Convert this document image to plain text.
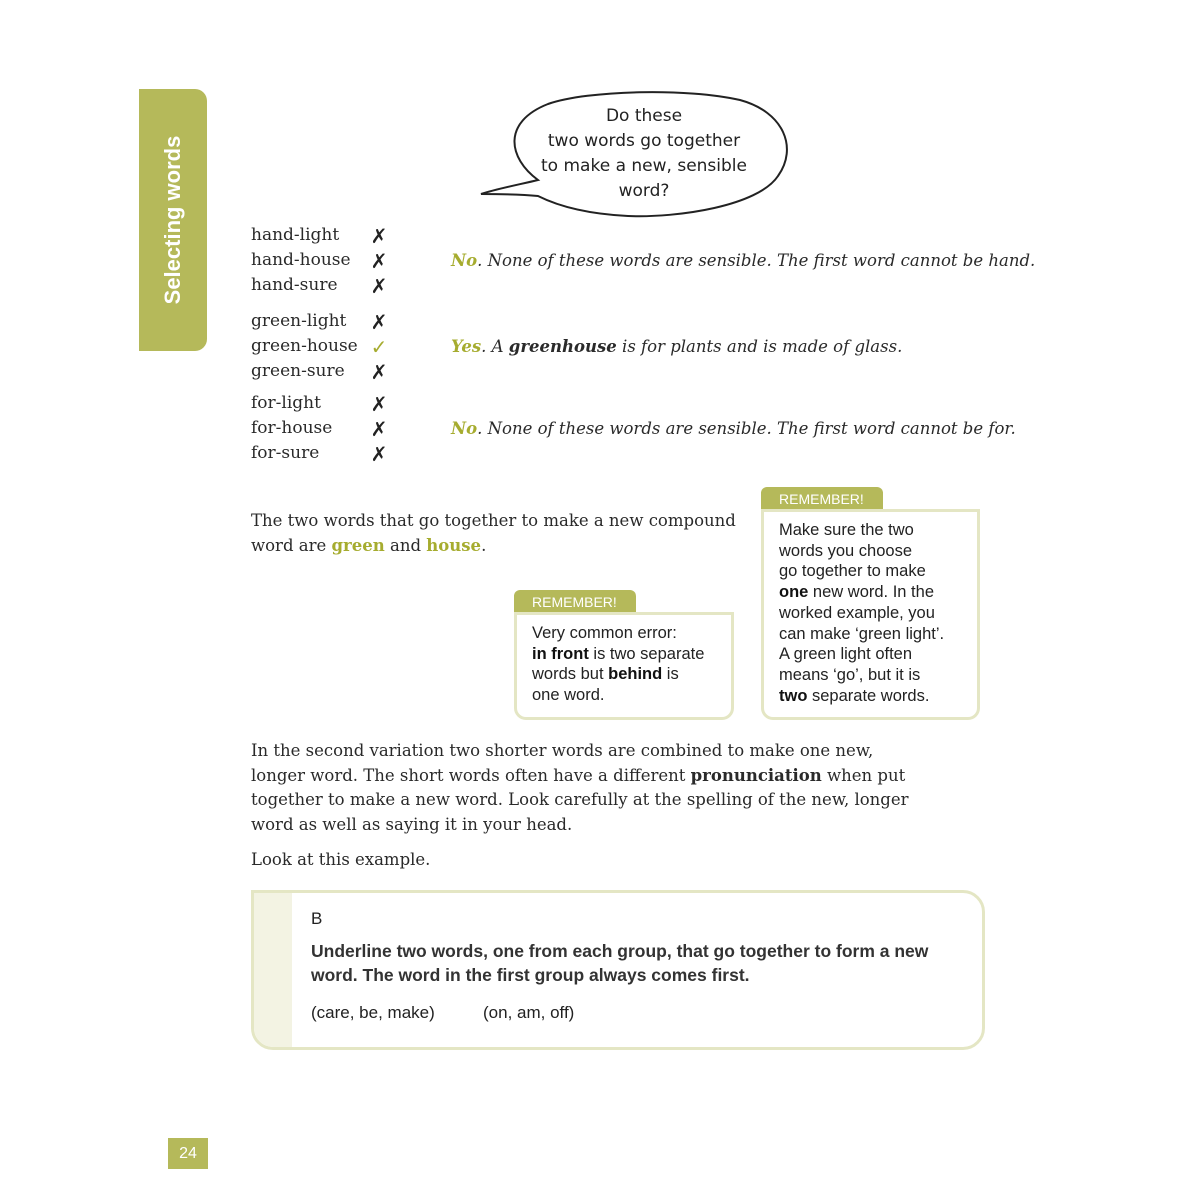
Selecting words
Do these
two words go together
to make a new, sensible
word?
hand-light ✗
hand-house ✗
hand-sure ✗
No. None of these words are sensible. The first word cannot be hand.
green-light ✗
green-house ✓
green-sure ✗
Yes. A greenhouse is for plants and is made of glass.
for-light ✗
for-house ✗
for-sure	✗
No. None of these words are sensible. The first word cannot be for.
The two words that go together to make a new compound
word are green and house.
REMEMBER!
Very common error:
in front is two separate
words but behind is
one word.
REMEMBER!
Make sure the two
words you choose
go together to make
one new word. In the
worked example, you
can make ‘green light’.
A green light often
means ‘go’, but it is
two separate words.
In the second variation two shorter words are combined to make one new,
longer word. The short words often have a different pronunciation when put
together to make a new word. Look carefully at the spelling of the new, longer
word as well as saying it in your head.
Look at this example.
B
Underline two words, one from each group, that go together to form a new
word. The word in the first group always comes first.
(care, be, make)	(on, am, off)
24
